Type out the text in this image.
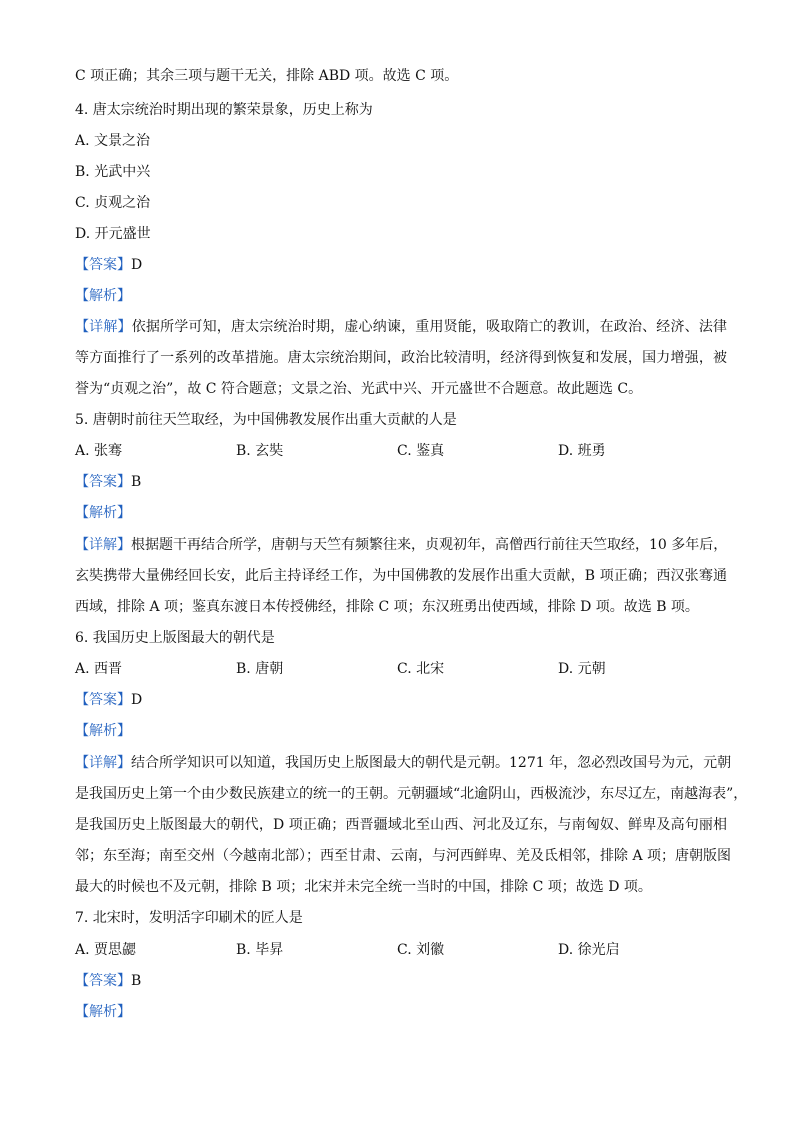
C 项正确；其余三项与题干无关，排除 ABD 项。故选 C 项。
4. 唐太宗统治时期出现的繁荣景象，历史上称为
A. 文景之治
B. 光武中兴
C. 贞观之治
D. 开元盛世
【答案】D
【解析】
【详解】依据所学可知，唐太宗统治时期，虚心纳谏，重用贤能，吸取隋亡的教训，在政治、经济、法律
等方面推行了一系列的改革措施。唐太宗统治期间，政治比较清明，经济得到恢复和发展，国力增强，被
誉为“贞观之治”，故 C 符合题意；文景之治、光武中兴、开元盛世不合题意。故此题选 C。
5. 唐朝时前往天竺取经，为中国佛教发展作出重大贡献的人是
A. 张骞	B. 玄奘	C. 鉴真	D. 班勇
【答案】B
【解析】
【详解】根据题干再结合所学，唐朝与天竺有频繁往来，贞观初年，高僧西行前往天竺取经，10 多年后，
玄奘携带大量佛经回长安，此后主持译经工作，为中国佛教的发展作出重大贡献，B 项正确；西汉张骞通
西域，排除 A 项；鉴真东渡日本传授佛经，排除 C 项；东汉班勇出使西域，排除 D 项。故选 B 项。
6. 我国历史上版图最大的朝代是
A. 西晋	B. 唐朝	C. 北宋	D. 元朝
【答案】D
【解析】
【详解】结合所学知识可以知道，我国历史上版图最大的朝代是元朝。1271 年，忽必烈改国号为元，元朝
是我国历史上第一个由少数民族建立的统一的王朝。元朝疆域“北逾阴山，西极流沙，东尽辽左，南越海表”，
是我国历史上版图最大的朝代，D 项正确；西晋疆域北至山西、河北及辽东，与南匈奴、鲜卑及高句丽相
邻；东至海；南至交州（今越南北部）；西至甘肃、云南，与河西鲜卑、羌及氐相邻，排除 A 项；唐朝版图
最大的时候也不及元朝，排除 B 项；北宋并未完全统一当时的中国，排除 C 项；故选 D 项。
7. 北宋时，发明活字印刷术的匠人是
A. 贾思勰	B. 毕昇	C. 刘徽	D. 徐光启
【答案】B
【解析】
